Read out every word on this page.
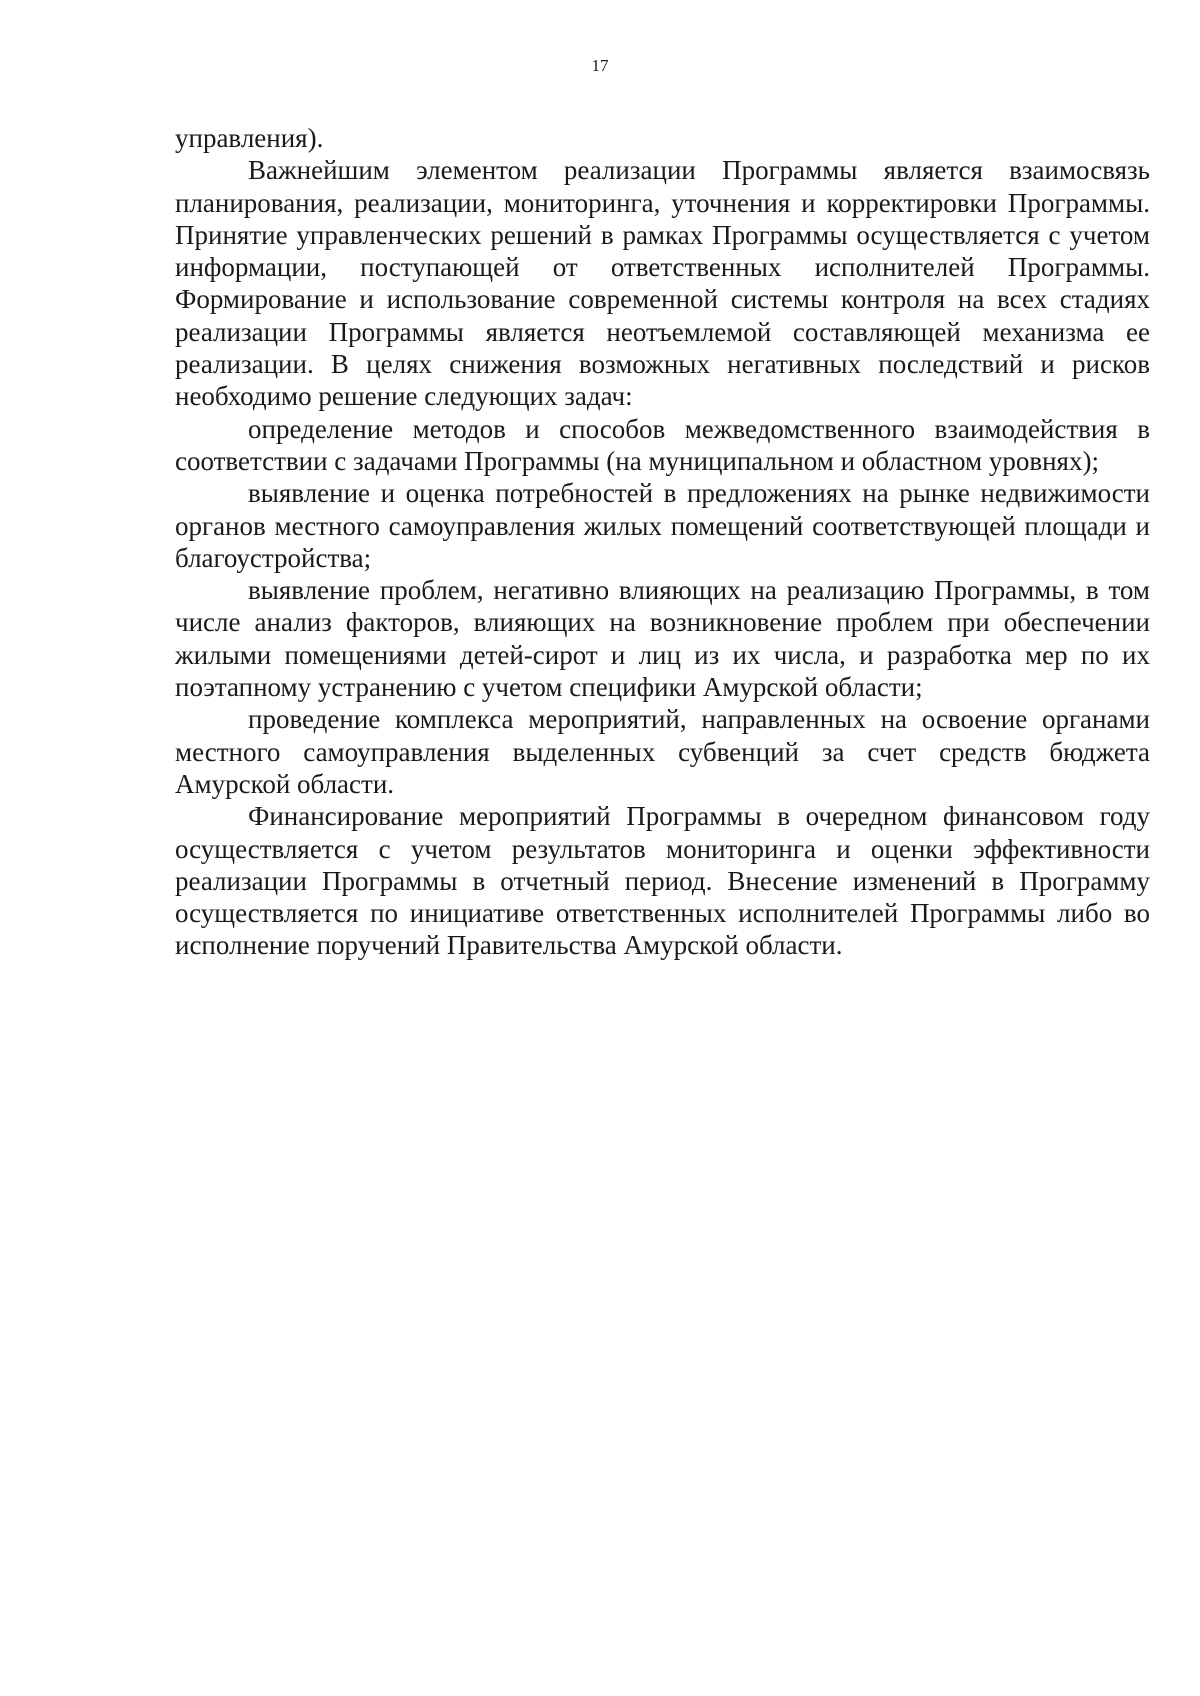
17

управления).

Важнейшим элементом реализации Программы является взаимосвязь планирования, реализации, мониторинга, уточнения и корректировки Программы. Принятие управленческих решений в рамках Программы осуществляется с учетом информации, поступающей от ответственных исполнителей Программы. Формирование и использование современной системы контроля на всех стадиях реализации Программы является неотъемлемой составляющей механизма ее реализации. В целях снижения возможных негативных последствий и рисков необходимо решение следующих задач:

определение методов и способов межведомственного взаимодействия в соответствии с задачами Программы (на муниципальном и областном уровнях);

выявление и оценка потребностей в предложениях на рынке недвижимости органов местного самоуправления жилых помещений соответствующей площади и благоустройства;

выявление проблем, негативно влияющих на реализацию Программы, в том числе анализ факторов, влияющих на возникновение проблем при обеспечении жилыми помещениями детей-сирот и лиц из их числа, и разработка мер по их поэтапному устранению с учетом специфики Амурской области;

проведение комплекса мероприятий, направленных на освоение органами местного самоуправления выделенных субвенций за счет средств бюджета Амурской области.

Финансирование мероприятий Программы в очередном финансовом году осуществляется с учетом результатов мониторинга и оценки эффективности реализации Программы в отчетный период. Внесение изменений в Программу осуществляется по инициативе ответственных исполнителей Программы либо во исполнение поручений Правительства Амурской области.
